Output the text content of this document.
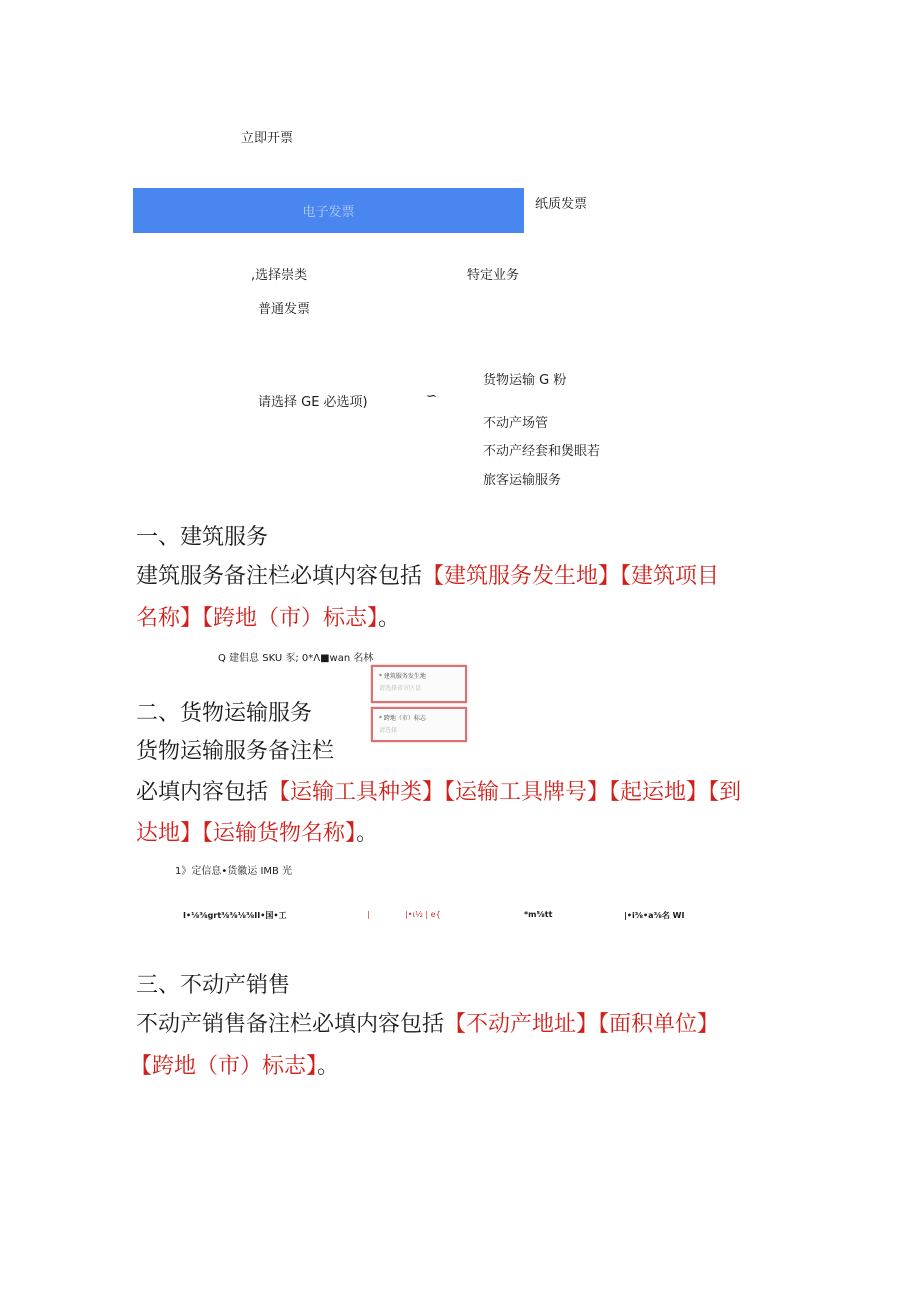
立即开票
电子发票
纸质发票
,选择崇类	特定业务
普通发票
请选择 GE 必选项)	∽
货物运输 G 粉
不动产场管
不动产经套和煲眼若
旅客运输服务
一、建筑服务
建筑服务备注栏必填内容包括【建筑服务发生地】【建筑项目
名称】【跨地（市）标志】。
Q 建侣息 SKU 豕; 0*Λ■wan 名林
* 建筑服务发生地
请选择省市区县
* 跨地（市）标志
请选择
二、货物运输服务
货物运输服务备注栏
必填内容包括【运输工具种类】【运输工具牌号】【起运地】【到
达地】【运输货物名称】。
1》定信息•货徽运 IMB 光
I•⅛⅜grt⅜⅜⅛⅜II•国•工	|	|•ι½ | e{	*m⅝tt	|•i⅜•a⅜名 WI
三、不动产销售
不动产销售备注栏必填内容包括【不动产地址】【面积单位】
【跨地（市）标志】。
